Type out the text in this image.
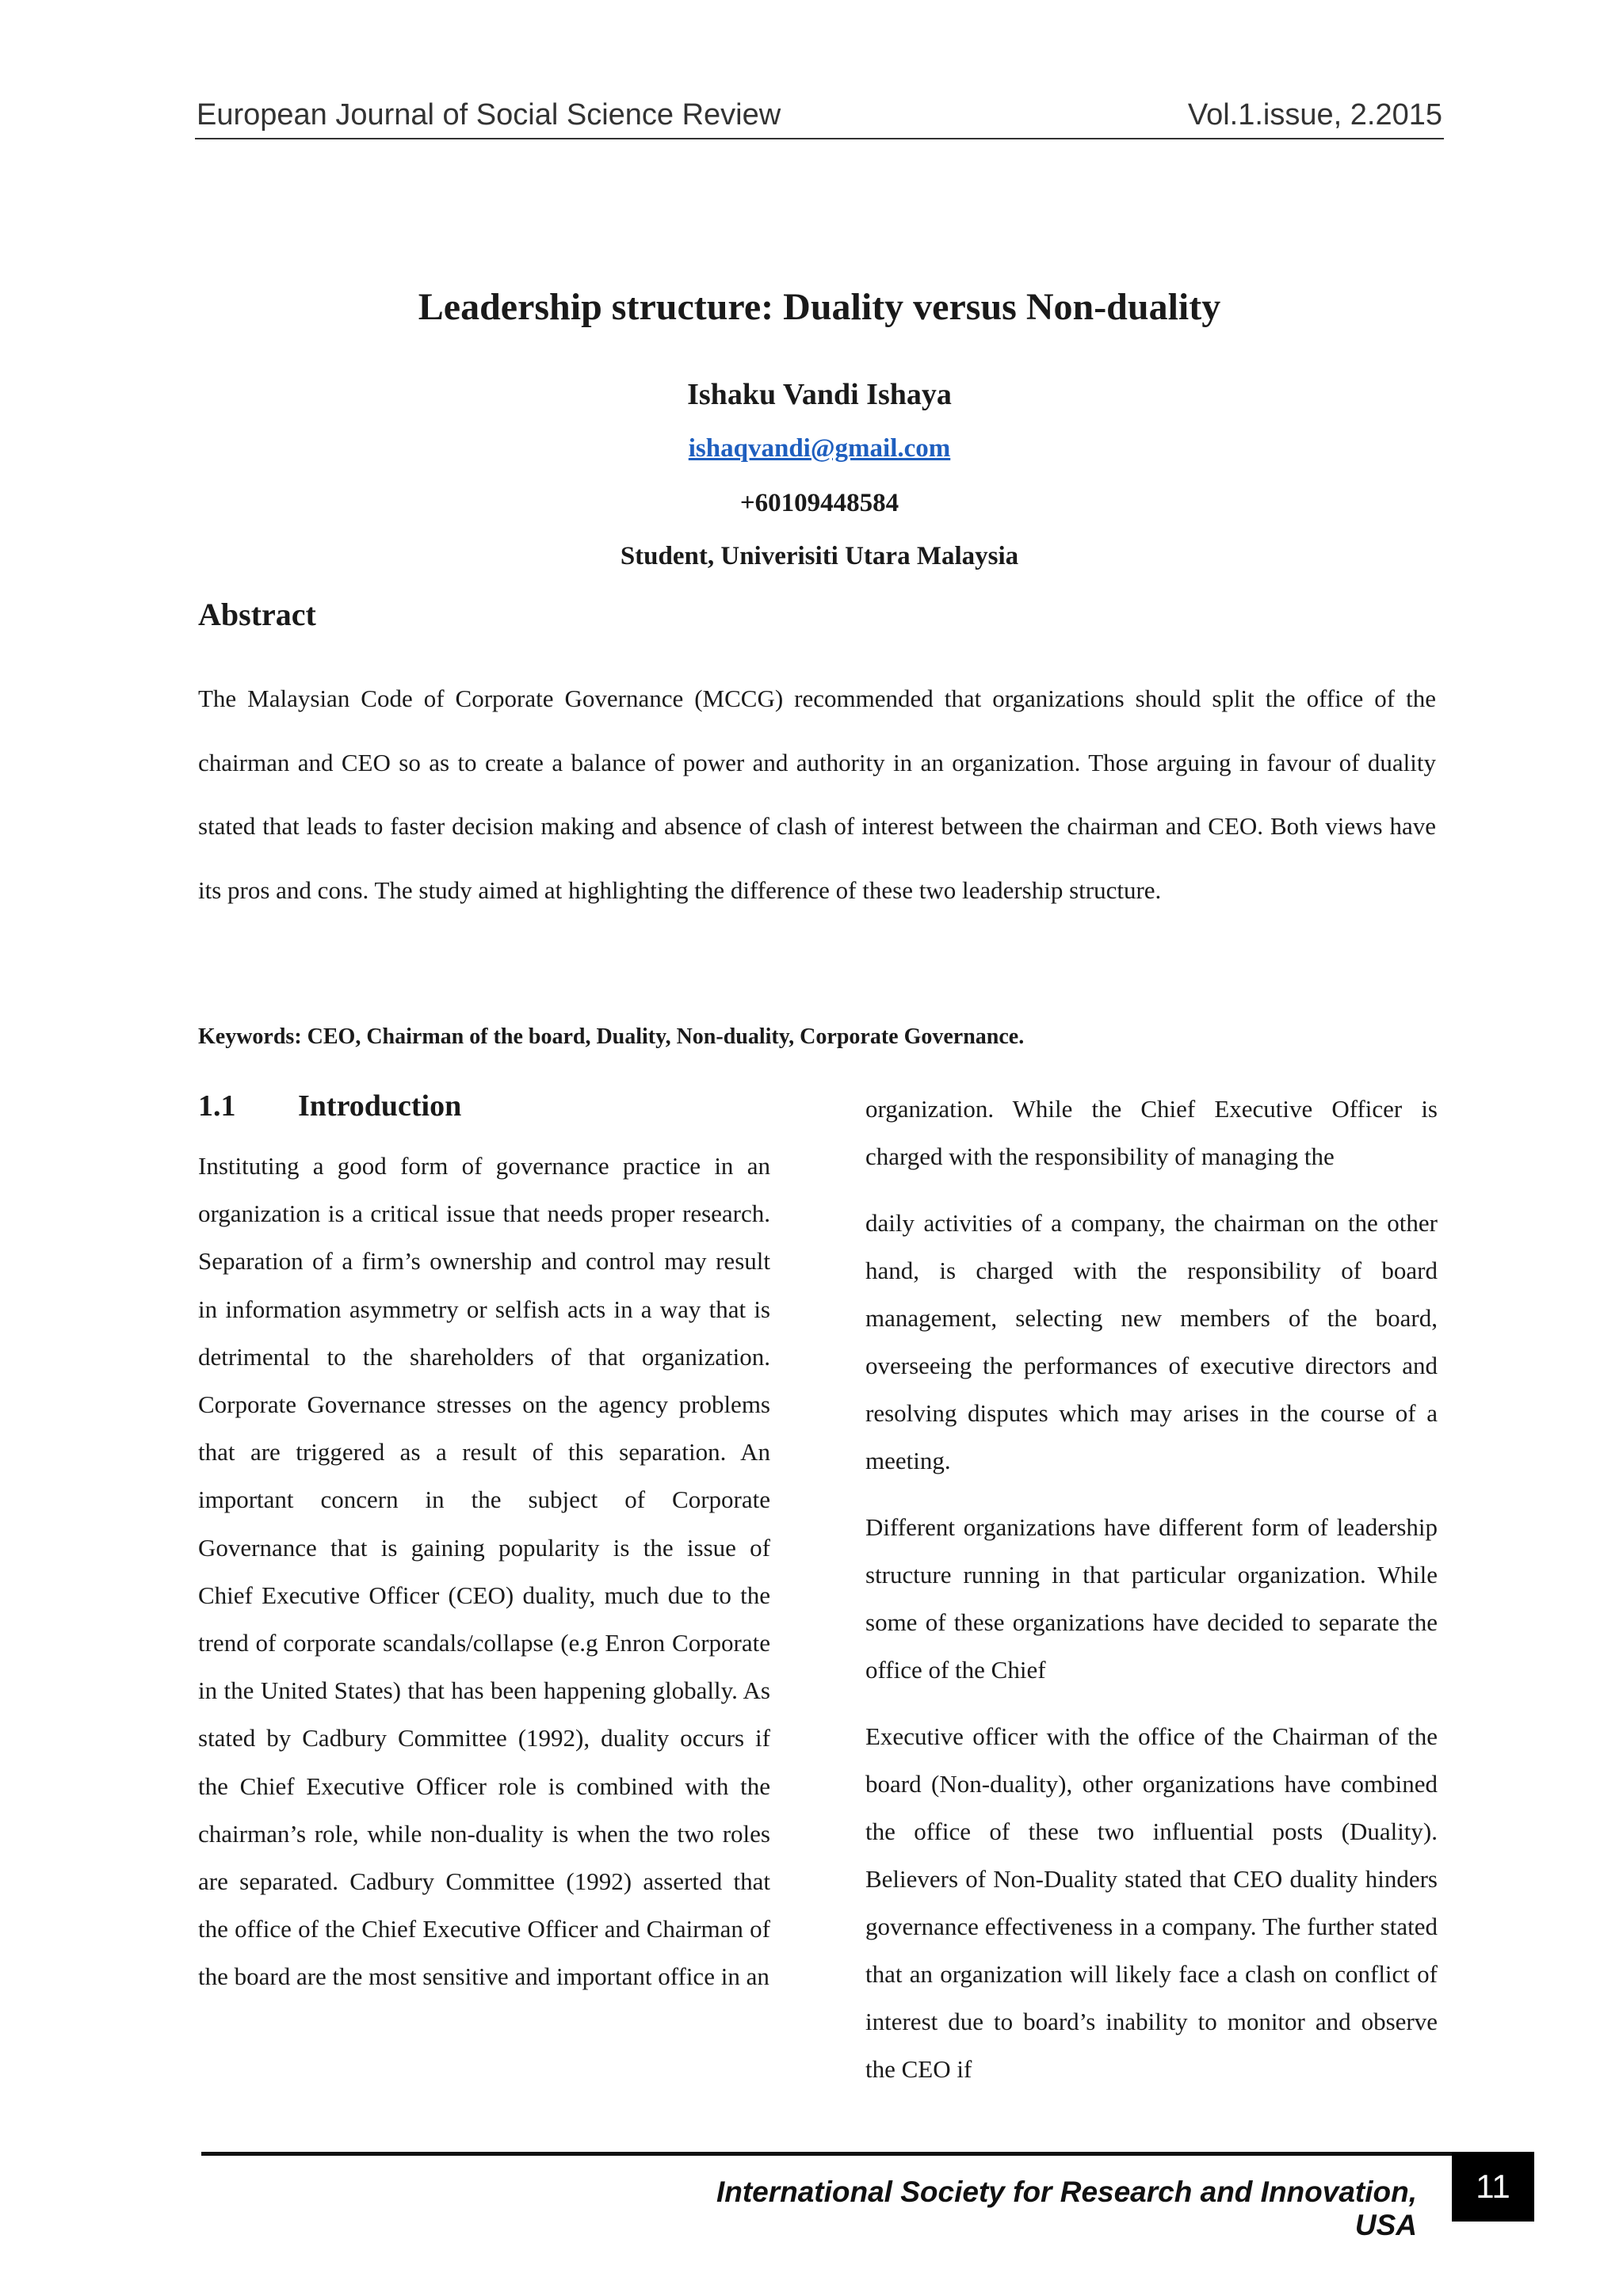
European Journal of Social Science Review	Vol.1.issue, 2.2015
Leadership structure: Duality versus Non-duality
Ishaku Vandi Ishaya
ishaqvandi@gmail.com
+60109448584
Student, Univerisiti Utara Malaysia
Abstract
The Malaysian Code of Corporate Governance (MCCG) recommended that organizations should split the office of the chairman and CEO so as to create a balance of power and authority in an organization. Those arguing in favour of duality stated that leads to faster decision making and absence of clash of interest between the chairman and CEO. Both views have its pros and cons. The study aimed at highlighting the difference of these two leadership structure.
Keywords: CEO, Chairman of the board, Duality, Non-duality, Corporate Governance.
1.1 Introduction

Instituting a good form of governance practice in an organization is a critical issue that needs proper research. Separation of a firm’s ownership and control may result in information asymmetry or selfish acts in a way that is detrimental to the shareholders of that organization. Corporate Governance stresses on the agency problems that are triggered as a result of this separation. An important concern in the subject of Corporate Governance that is gaining popularity is the issue of Chief Executive Officer (CEO) duality, much due to the trend of corporate scandals/collapse (e.g Enron Corporate in the United States) that has been happening globally. As stated by Cadbury Committee (1992), duality occurs if the Chief Executive Officer role is combined with the chairman’s role, while non-duality is when the two roles are separated. Cadbury Committee (1992) asserted that the office of the Chief Executive Officer and Chairman of the board are the most sensitive and important office in an

organization. While the Chief Executive Officer is charged with the responsibility of managing the

daily activities of a company, the chairman on the other hand, is charged with the responsibility of board management, selecting new members of the board, overseeing the performances of executive directors and resolving disputes which may arises in the course of a meeting.

Different organizations have different form of leadership structure running in that particular organization. While some of these organizations have decided to separate the office of the Chief

Executive officer with the office of the Chairman of the board (Non-duality), other organizations have combined the office of these two influential posts (Duality). Believers of Non-Duality stated that CEO duality hinders governance effectiveness in a company. The further stated that an organization will likely face a clash on conflict of interest due to board’s inability to monitor and observe the CEO if

International Society for Research and Innovation, USA
11
